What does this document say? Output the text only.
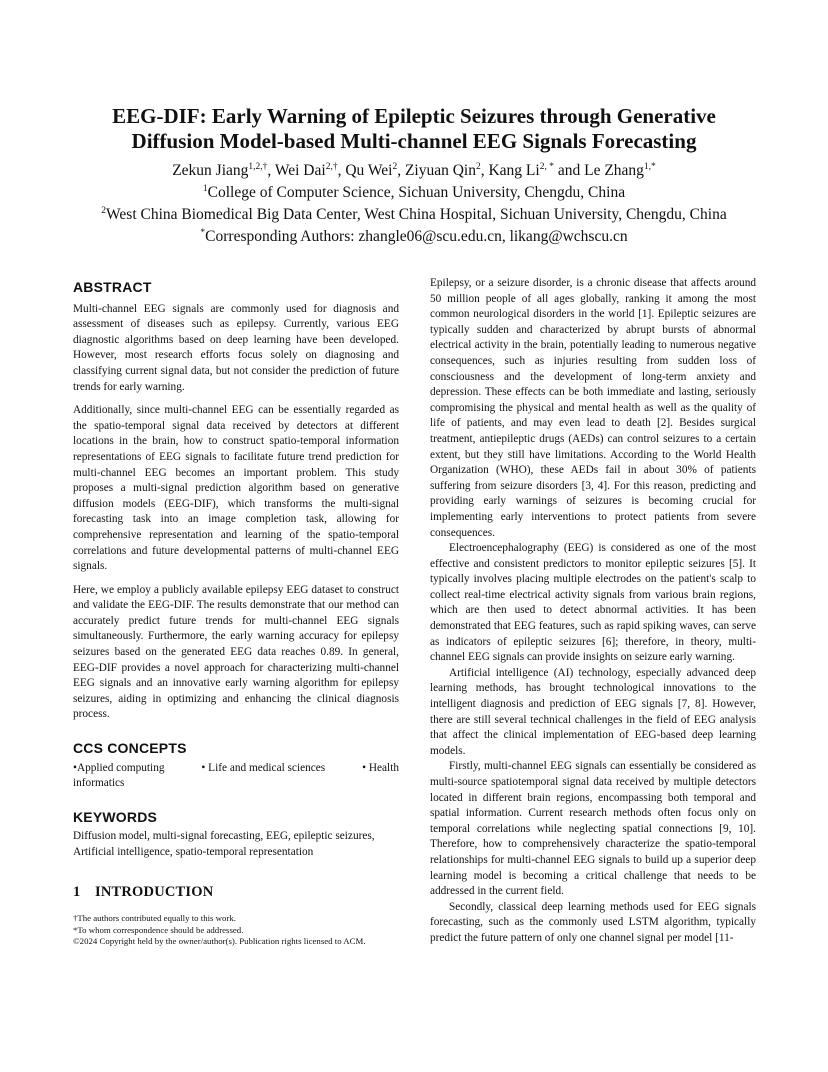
EEG-DIF: Early Warning of Epileptic Seizures through Generative
Diffusion Model-based Multi-channel EEG Signals Forecasting
Zekun Jiang$^{1,2,\dagger}$, Wei Dai$^{2,\dagger}$, Qu Wei$^2$, Ziyuan Qin$^2$, Kang $Li^{2, *}$ and Le Zhang$^{1,*}$
$^1$College of Computer Science, Sichuan University, Chengdu, China
$^2$West China Biomedical Big Data Center, West China Hospital, Sichuan University, Chengdu, China
*Corresponding Authors: zhangle06@scu.edu.cn, likang@wchscu.cn
ABSTRACT

Multi-channel EEG signals are commonly used for diagnosis and assessment of diseases such as epilepsy. Currently, various EEG diagnostic algorithms based on deep learning have been developed. However, most research efforts focus solely on diagnosing and classifying current signal data, but not consider the prediction of future trends for early warning.

Additionally, since multi-channel EEG can be essentially regarded as the spatio-temporal signal data received by detectors at different locations in the brain, how to construct spatio-temporal information representations of EEG signals to facilitate future trend prediction for multi-channel EEG becomes an important problem. This study proposes a multi-signal prediction algorithm based on generative diffusion models (EEG-DIF), which transforms the multi-signal forecasting task into an image completion task, allowing for comprehensive representation and learning of the spatio-temporal correlations and future developmental patterns of multi-channel EEG signals.

Here, we employ a publicly available epilepsy EEG dataset to construct and validate the EEG-DIF. The results demonstrate that our method can accurately predict future trends for multi-channel EEG signals simultaneously. Furthermore, the early warning accuracy for epilepsy seizures based on the generated EEG data reaches 0.89. In general, EEG-DIF provides a novel approach for characterizing multi-channel EEG signals and an innovative early warning algorithm for epilepsy seizures, aiding in optimizing and enhancing the clinical diagnosis process.

CCS CONCEPTS
•Applied computing	• Life and medical sciences	• Health
informatics
KEYWORDS

Diffusion model, multi-signal forecasting, EEG, epileptic seizures, Artificial intelligence, spatio-temporal representation

1 INTRODUCTION
†The authors contributed equally to this work.
*To whom correspondence should be addressed.
©2024 Copyright held by the owner/author(s). Publication rights licensed to ACM.

Epilepsy, or a seizure disorder, is a chronic disease that affects around 50 million people of all ages globally, ranking it among the most common neurological disorders in the world [1]. Epileptic seizures are typically sudden and characterized by abrupt bursts of abnormal electrical activity in the brain, potentially leading to numerous negative consequences, such as injuries resulting from sudden loss of consciousness and the development of long-term anxiety and depression. These effects can be both immediate and lasting, seriously compromising the physical and mental health as well as the quality of life of patients, and may even lead to death [2]. Besides surgical treatment, antiepileptic drugs (AEDs) can control seizures to a certain extent, but they still have limitations. According to the World Health Organization (WHO), these AEDs fail in about 30% of patients suffering from seizure disorders [3, 4]. For this reason, predicting and providing early warnings of seizures is becoming crucial for implementing early interventions to protect patients from severe consequences.

Electroencephalography (EEG) is considered as one of the most effective and consistent predictors to monitor epileptic seizures [5]. It typically involves placing multiple electrodes on the patient's scalp to collect real-time electrical activity signals from various brain regions, which are then used to detect abnormal activities. It has been demonstrated that EEG features, such as rapid spiking waves, can serve as indicators of epileptic seizures [6]; therefore, in theory, multi-channel EEG signals can provide insights on seizure early warning.

Artificial intelligence (AI) technology, especially advanced deep learning methods, has brought technological innovations to the intelligent diagnosis and prediction of EEG signals [7, 8]. However, there are still several technical challenges in the field of EEG analysis that affect the clinical implementation of EEG-based deep learning models.

Firstly, multi-channel EEG signals can essentially be considered as multi-source spatiotemporal signal data received by multiple detectors located in different brain regions, encompassing both temporal and spatial information. Current research methods often focus only on temporal correlations while neglecting spatial connections [9, 10]. Therefore, how to comprehensively characterize the spatio-temporal relationships for multi-channel EEG signals to build up a superior deep learning model is becoming a critical challenge that needs to be addressed in the current field.

Secondly, classical deep learning methods used for EEG signals forecasting, such as the commonly used LSTM algorithm, typically predict the future pattern of only one channel signal per model [11-
